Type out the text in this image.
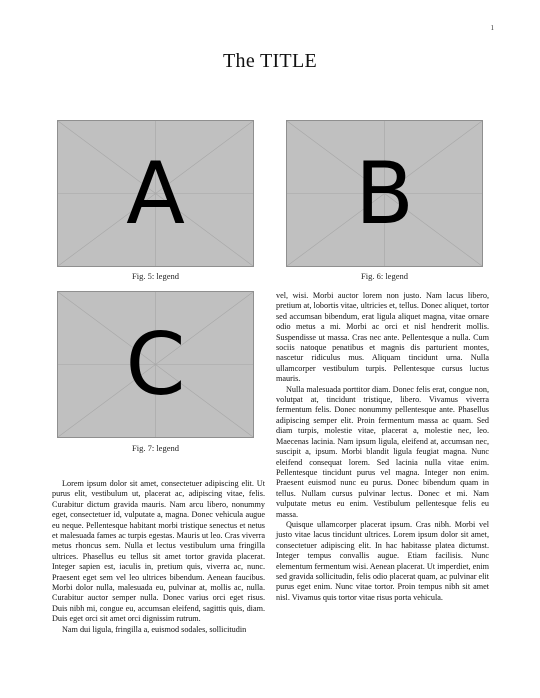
1
The TITLE
A
Fig. 5: legend
B
Fig. 6: legend
C
Fig. 7: legend

Lorem ipsum dolor sit amet, consectetuer adipiscing elit. Ut purus elit, vestibulum ut, placerat ac, adipiscing vitae, felis. Curabitur dictum gravida mauris. Nam arcu libero, nonummy eget, consectetuer id, vulputate a, magna. Donec vehicula augue eu neque. Pellentesque habitant morbi tristique senectus et netus et malesuada fames ac turpis egestas. Mauris ut leo. Cras viverra metus rhoncus sem. Nulla et lectus vestibulum urna fringilla ultrices. Phasellus eu tellus sit amet tortor gravida placerat. Integer sapien est, iaculis in, pretium quis, viverra ac, nunc. Praesent eget sem vel leo ultrices bibendum. Aenean faucibus. Morbi dolor nulla, malesuada eu, pulvinar at, mollis ac, nulla. Curabitur auctor semper nulla. Donec varius orci eget risus. Duis nibh mi, congue eu, accumsan eleifend, sagittis quis, diam. Duis eget orci sit amet orci dignissim rutrum.

Nam dui ligula, fringilla a, euismod sodales, sollicitudin

vel, wisi. Morbi auctor lorem non justo. Nam lacus libero, pretium at, lobortis vitae, ultricies et, tellus. Donec aliquet, tortor sed accumsan bibendum, erat ligula aliquet magna, vitae ornare odio metus a mi. Morbi ac orci et nisl hendrerit mollis. Suspendisse ut massa. Cras nec ante. Pellentesque a nulla. Cum sociis natoque penatibus et magnis dis parturient montes, nascetur ridiculus mus. Aliquam tincidunt urna. Nulla ullamcorper vestibulum turpis. Pellentesque cursus luctus mauris.

Nulla malesuada porttitor diam. Donec felis erat, congue non, volutpat at, tincidunt tristique, libero. Vivamus viverra fermentum felis. Donec nonummy pellentesque ante. Phasellus adipiscing semper elit. Proin fermentum massa ac quam. Sed diam turpis, molestie vitae, placerat a, molestie nec, leo. Maecenas lacinia. Nam ipsum ligula, eleifend at, accumsan nec, suscipit a, ipsum. Morbi blandit ligula feugiat magna. Nunc eleifend consequat lorem. Sed lacinia nulla vitae enim. Pellentesque tincidunt purus vel magna. Integer non enim. Praesent euismod nunc eu purus. Donec bibendum quam in tellus. Nullam cursus pulvinar lectus. Donec et mi. Nam vulputate metus eu enim. Vestibulum pellentesque felis eu massa.

Quisque ullamcorper placerat ipsum. Cras nibh. Morbi vel justo vitae lacus tincidunt ultrices. Lorem ipsum dolor sit amet, consectetuer adipiscing elit. In hac habitasse platea dictumst. Integer tempus convallis augue. Etiam facilisis. Nunc elementum fermentum wisi. Aenean placerat. Ut imperdiet, enim sed gravida sollicitudin, felis odio placerat quam, ac pulvinar elit purus eget enim. Nunc vitae tortor. Proin tempus nibh sit amet nisl. Vivamus quis tortor vitae risus porta vehicula.
